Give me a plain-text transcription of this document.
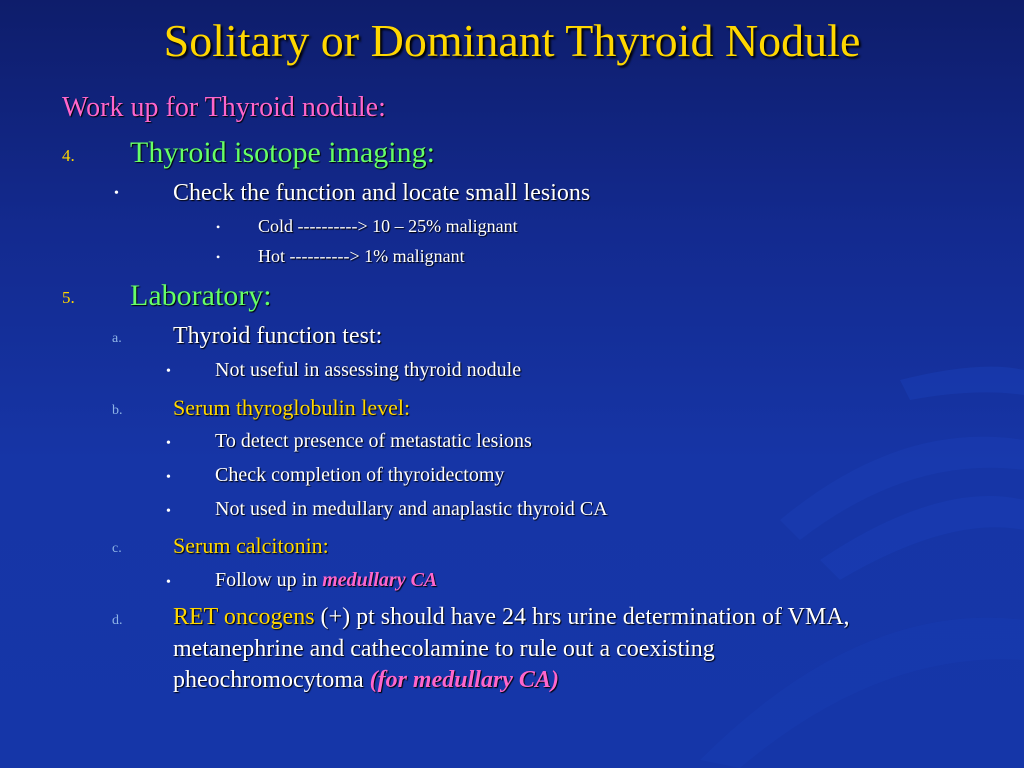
Solitary or Dominant Thyroid Nodule
Work up for Thyroid nodule:
4. Thyroid isotope imaging:
• Check the function and locate small lesions
• Cold ----------> 10 – 25% malignant
• Hot ----------> 1% malignant
5. Laboratory:
a. Thyroid function test:
• Not useful in assessing thyroid nodule
b. Serum thyroglobulin level:
• To detect presence of metastatic lesions
• Check completion of thyroidectomy
• Not used in medullary and anaplastic thyroid CA
c. Serum calcitonin:
• Follow up in medullary CA
d. RET oncogens (+) pt should have 24 hrs urine determination of VMA,
metanephrine and cathecolamine to rule out a coexisting
pheochromocytoma (for medullary CA)
